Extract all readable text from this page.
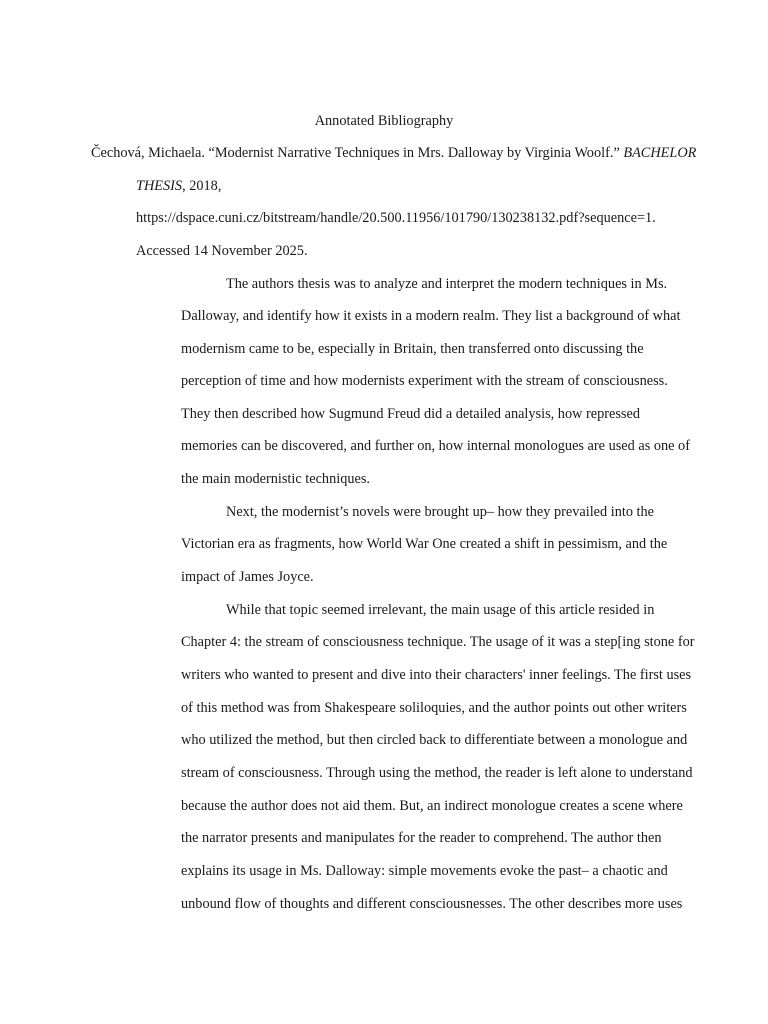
Annotated Bibliography
Čechová, Michaela. “Modernist Narrative Techniques in Mrs. Dalloway by Virginia Woolf.” BACHELOR
THESIS, 2018,
https://dspace.cuni.cz/bitstream/handle/20.500.11956/101790/130238132.pdf?sequence=1.
Accessed 14 November 2025.
The authors thesis was to analyze and interpret the modern techniques in Ms.
Dalloway, and identify how it exists in a modern realm. They list a background of what
modernism came to be, especially in Britain, then transferred onto discussing the
perception of time and how modernists experiment with the stream of consciousness.
They then described how Sugmund Freud did a detailed analysis, how repressed
memories can be discovered, and further on, how internal monologues are used as one of
the main modernistic techniques.
Next, the modernist’s novels were brought up– how they prevailed into the
Victorian era as fragments, how World War One created a shift in pessimism, and the
impact of James Joyce.
While that topic seemed irrelevant, the main usage of this article resided in
Chapter 4: the stream of consciousness technique. The usage of it was a step[ing stone for
writers who wanted to present and dive into their characters' inner feelings. The first uses
of this method was from Shakespeare soliloquies, and the author points out other writers
who utilized the method, but then circled back to differentiate between a monologue and
stream of consciousness. Through using the method, the reader is left alone to understand
because the author does not aid them. But, an indirect monologue creates a scene where
the narrator presents and manipulates for the reader to comprehend. The author then
explains its usage in Ms. Dalloway: simple movements evoke the past– a chaotic and
unbound flow of thoughts and different consciousnesses. The other describes more uses
